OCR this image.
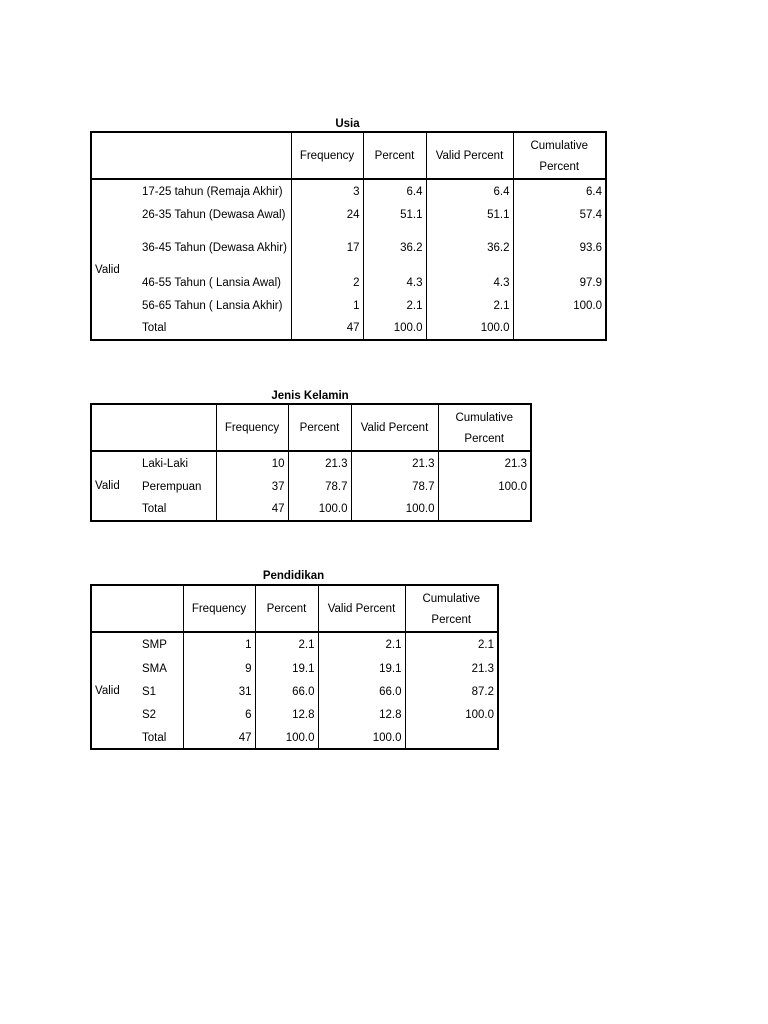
Usia
		Frequency	Percent	Valid Percent	Cumulative Percent
Valid	17-25 tahun (Remaja Akhir)	3	6.4	6.4	6.4
	26-35 Tahun (Dewasa Awal)	24	51.1	51.1	57.4
	36-45 Tahun (Dewasa Akhir)	17	36.2	36.2	93.6
	46-55 Tahun ( Lansia Awal)	2	4.3	4.3	97.9
	56-65 Tahun ( Lansia Akhir)	1	2.1	2.1	100.0
	Total	47	100.0	100.0	
Jenis Kelamin
		Frequency	Percent	Valid Percent	Cumulative Percent
Valid	Laki-Laki	10	21.3	21.3	21.3
	Perempuan	37	78.7	78.7	100.0
	Total	47	100.0	100.0	
Pendidikan
		Frequency	Percent	Valid Percent	Cumulative Percent
Valid	SMP	1	2.1	2.1	2.1
	SMA	9	19.1	19.1	21.3
	S1	31	66.0	66.0	87.2
	S2	6	12.8	12.8	100.0
	Total	47	100.0	100.0	
